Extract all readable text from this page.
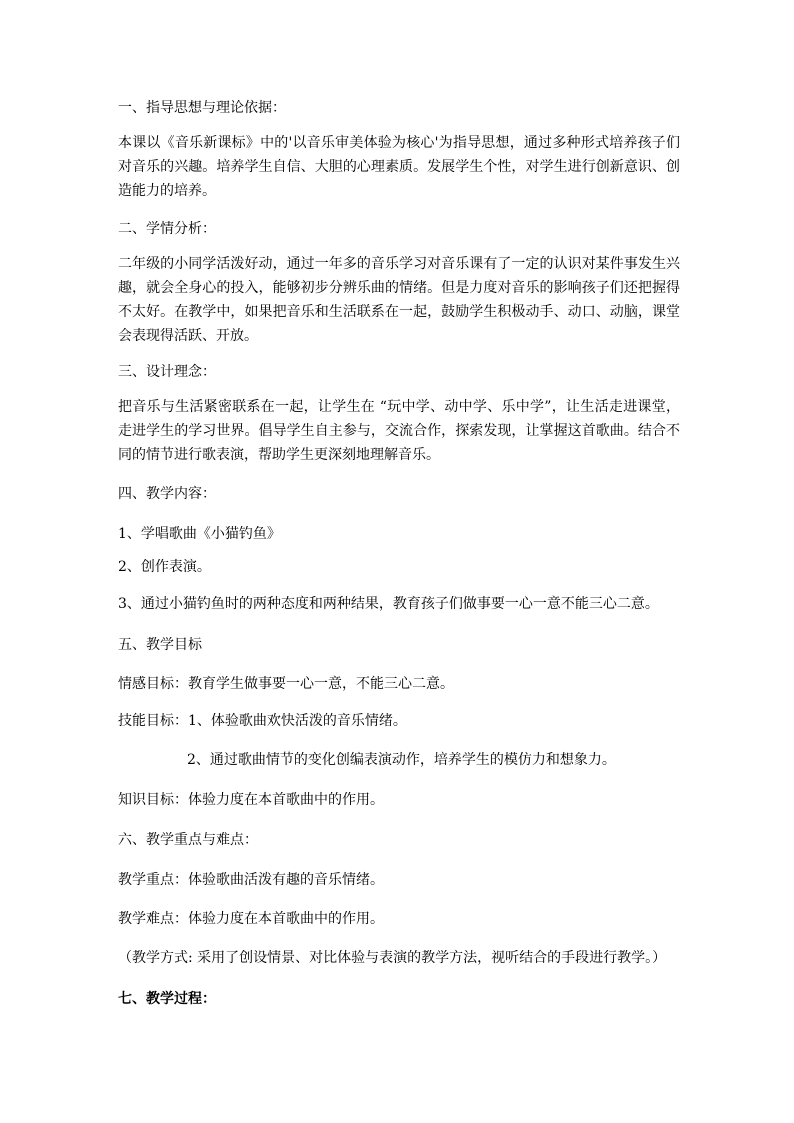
一、指导思想与理论依据：
本课以《音乐新课标》中的'以音乐审美体验为核心'为指导思想，通过多种形式培养孩子们对音乐的兴趣。培养学生自信、大胆的心理素质。发展学生个性，对学生进行创新意识、创造能力的培养。
二、学情分析：
二年级的小同学活泼好动，通过一年多的音乐学习对音乐课有了一定的认识对某件事发生兴趣，就会全身心的投入，能够初步分辨乐曲的情绪。但是力度对音乐的影响孩子们还把握得不太好。在教学中，如果把音乐和生活联系在一起，鼓励学生积极动手、动口、动脑，课堂会表现得活跃、开放。
三、设计理念：
把音乐与生活紧密联系在一起，让学生在 “玩中学、动中学、乐中学”，让生活走进课堂，走进学生的学习世界。倡导学生自主参与，交流合作，探索发现，让掌握这首歌曲。结合不同的情节进行歌表演，帮助学生更深刻地理解音乐。
四、教学内容：
1、学唱歌曲《小猫钓鱼》
2、创作表演。
3、通过小猫钓鱼时的两种态度和两种结果，教育孩子们做事要一心一意不能三心二意。
五、教学目标
情感目标：教育学生做事要一心一意，不能三心二意。
技能目标：1、体验歌曲欢快活泼的音乐情绪。
2、通过歌曲情节的变化创编表演动作，培养学生的模仿力和想象力。
知识目标：体验力度在本首歌曲中的作用。
六、教学重点与难点：
教学重点：体验歌曲活泼有趣的音乐情绪。
教学难点：体验力度在本首歌曲中的作用。
（教学方式: 采用了创设情景、对比体验与表演的教学方法，视听结合的手段进行教学。）
七、教学过程：
